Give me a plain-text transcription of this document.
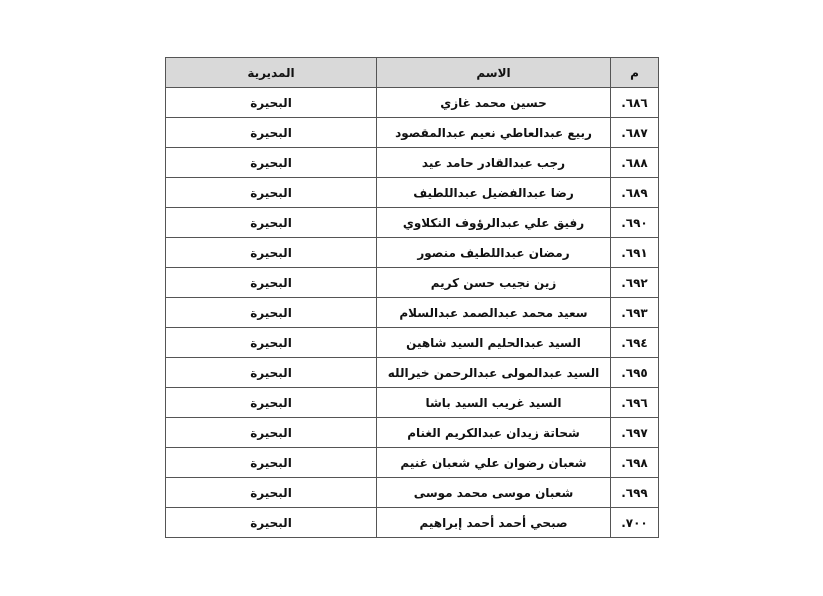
م	الاسم	المديرية
٦٨٦.	حسين محمد غازي	البحيرة
٦٨٧.	ربيع عبدالعاطي نعيم عبدالمقصود	البحيرة
٦٨٨.	رجب عبدالقادر حامد عيد	البحيرة
٦٨٩.	رضا عبدالفضيل عبداللطيف	البحيرة
٦٩٠.	رفيق علي عبدالرؤوف النكلاوي	البحيرة
٦٩١.	رمضان عبداللطيف منصور	البحيرة
٦٩٢.	زين نجيب حسن كريم	البحيرة
٦٩٣.	سعيد محمد عبدالصمد عبدالسلام	البحيرة
٦٩٤.	السيد عبدالحليم السيد شاهين	البحيرة
٦٩٥.	السيد عبدالمولى عبدالرحمن خيرالله	البحيرة
٦٩٦.	السيد غريب السيد باشا	البحيرة
٦٩٧.	شحاتة زيدان عبدالكريم الغنام	البحيرة
٦٩٨.	شعبان رضوان علي شعبان غنيم	البحيرة
٦٩٩.	شعبان موسى محمد موسى	البحيرة
٧٠٠.	صبحي أحمد أحمد إبراهيم	البحيرة
